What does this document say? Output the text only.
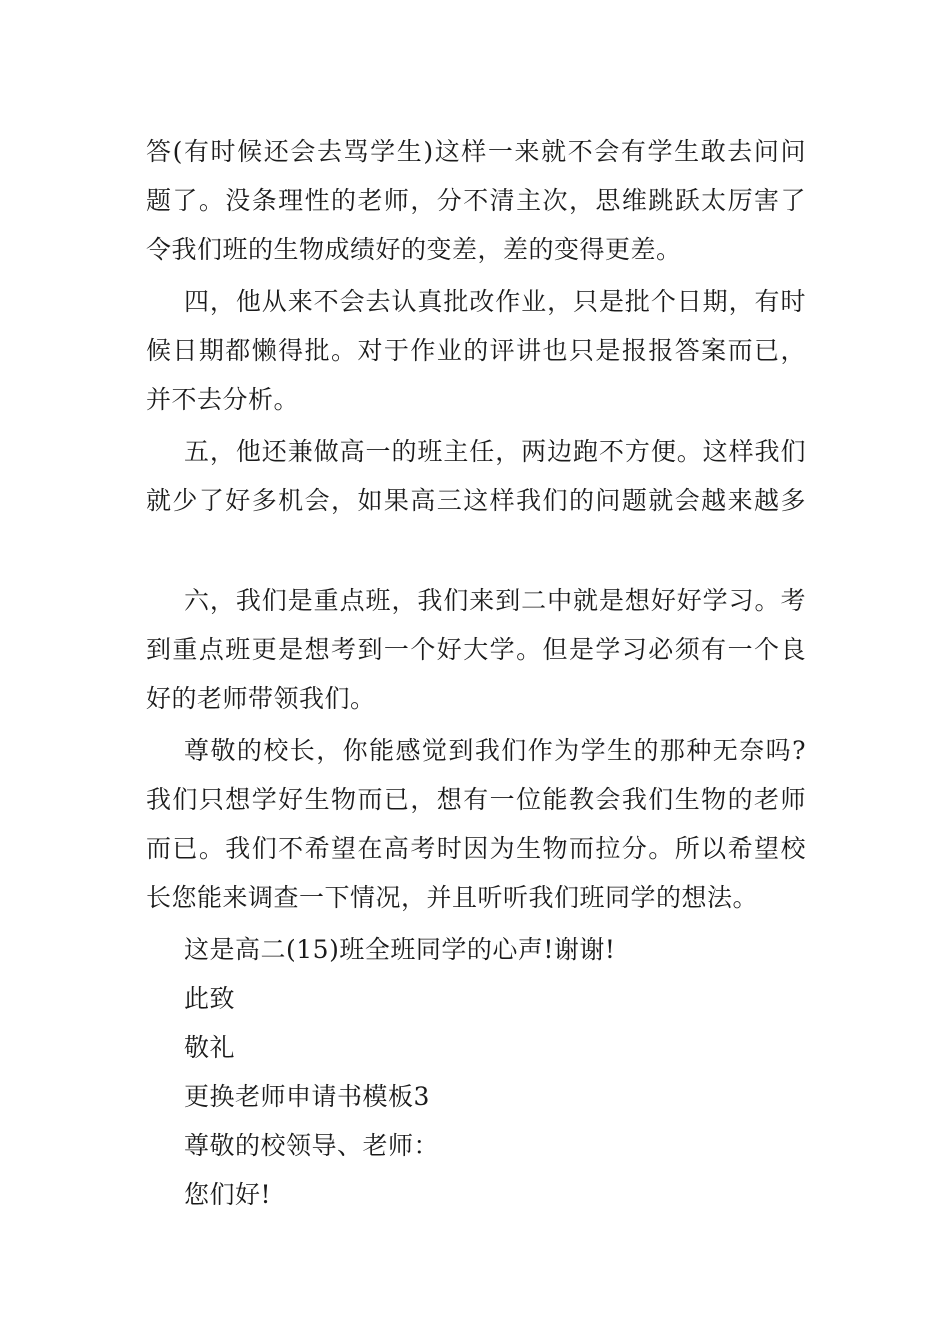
答(有时候还会去骂学生)这样一来就不会有学生敢去问问
题了。没条理性的老师，分不清主次，思维跳跃太厉害了
令我们班的生物成绩好的变差，差的变得更差。
四，他从来不会去认真批改作业，只是批个日期，有时
候日期都懒得批。对于作业的评讲也只是报报答案而已，
并不去分析。
五，他还兼做高一的班主任，两边跑不方便。这样我们
就少了好多机会，如果高三这样我们的问题就会越来越多
六，我们是重点班，我们来到二中就是想好好学习。考
到重点班更是想考到一个好大学。但是学习必须有一个良
好的老师带领我们。
尊敬的校长，你能感觉到我们作为学生的那种无奈吗?
我们只想学好生物而已，想有一位能教会我们生物的老师
而已。我们不希望在高考时因为生物而拉分。所以希望校
长您能来调查一下情况，并且听听我们班同学的想法。
这是高二(15)班全班同学的心声!谢谢!
此致
敬礼
更换老师申请书模板3
尊敬的校领导、老师：
您们好!
